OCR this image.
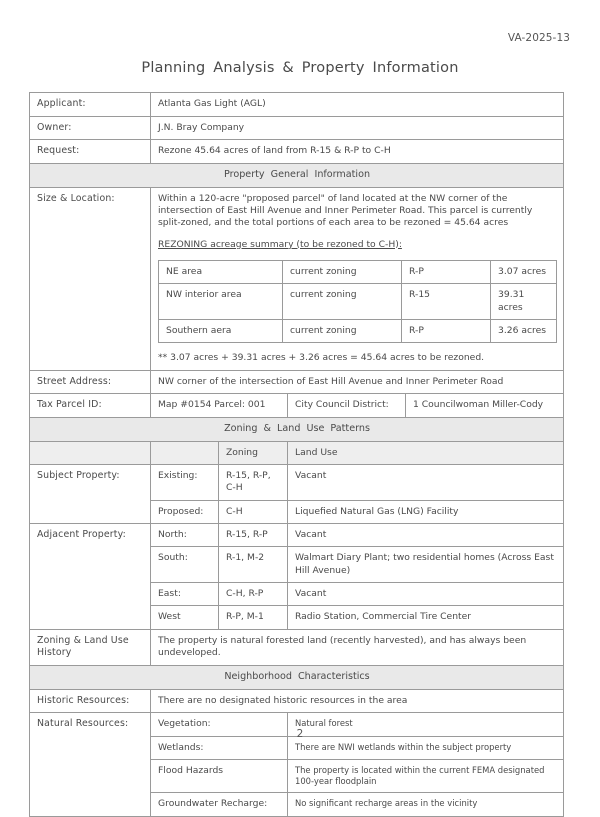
VA-2025-13
Planning Analysis & Property Information
Applicant:	Atlanta Gas Light (AGL)
Owner:	J.N. Bray Company
Request:	Rezone 45.64 acres of land from R-15 & R-P to C-H
Property General Information
Size & Location:	Within a 120-acre "proposed parcel" of land located at the NW corner of the intersection of East Hill Avenue and Inner Perimeter Road. This parcel is currently split-zoned, and the total portions of each area to be rezoned = 45.64 acres

REZONING acreage summary (to be rezoned to C-H):

NE area	current zoning	R-P	3.07 acres
NW interior area	current zoning	R-15	39.31 acres
Southern aera	current zoning	R-P	3.26 acres

** 3.07 acres + 39.31 acres + 3.26 acres = 45.64 acres to be rezoned.

Street Address:	NW corner of the intersection of East Hill Avenue and Inner Perimeter Road
Tax Parcel ID:	Map #0154 Parcel: 001	City Council District:	1 Councilwoman Miller-Cody
Zoning & Land Use Patterns
		Zoning	Land Use
Subject Property:	Existing:	R-15, R-P, C-H	Vacant
Proposed:	C-H	Liquefied Natural Gas (LNG) Facility
Adjacent Property:	North:	R-15, R-P	Vacant
South:	R-1, M-2	Walmart Diary Plant; two residential homes (Across East Hill Avenue)
East:	C-H, R-P	Vacant
West	R-P, M-1	Radio Station, Commercial Tire Center
Zoning & Land Use History	The property is natural forested land (recently harvested), and has always been undeveloped.
Neighborhood Characteristics
Historic Resources:	There are no designated historic resources in the area
Natural Resources:	Vegetation:	Natural forest
Wetlands:	There are NWI wetlands within the subject property
Flood Hazards	The property is located within the current FEMA designated 100-year floodplain
Groundwater Recharge:	No significant recharge areas in the vicinity
2
